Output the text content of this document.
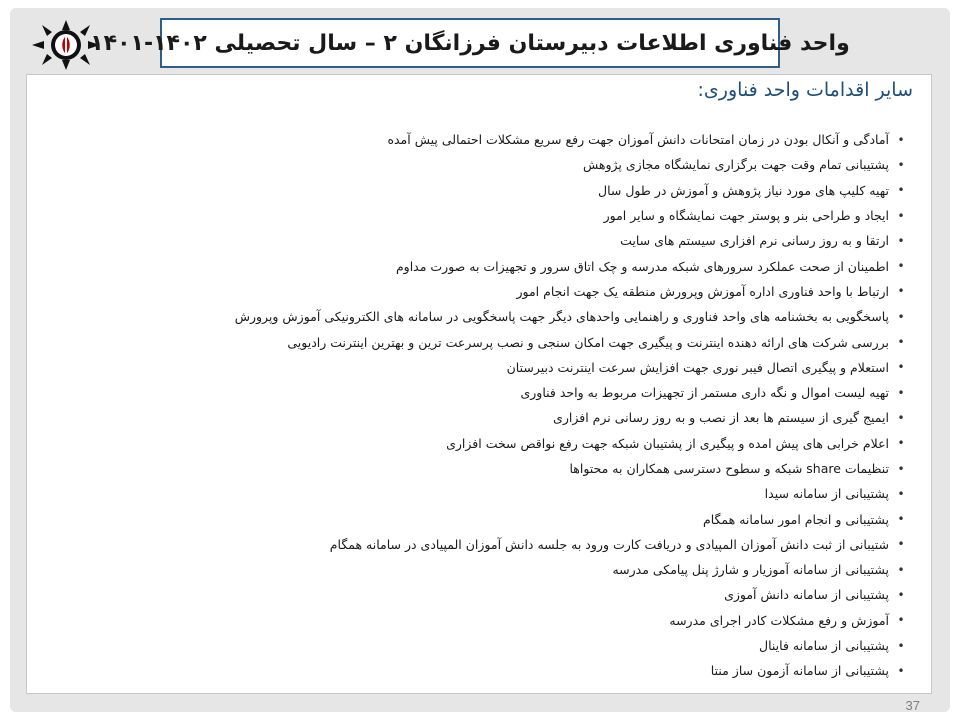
واحد فناوری اطلاعات دبیرستان فرزانگان ۲ – سال تحصیلی ۱۴۰۲-۱۴۰۱
سایر اقدامات واحد فناوری:
•
آمادگی و آنکال بودن در زمان امتحانات دانش آموزان جهت رفع سریع مشکلات احتمالی پیش آمده
•
پشتیبانی تمام وقت جهت برگزاری نمایشگاه مجازی پژوهش
•
تهیه کلیپ های مورد نیاز پژوهش و آموزش در طول سال
•
ایجاد و طراحی بنر و پوستر جهت نمایشگاه و سایر امور
•
ارتقا و به روز رسانی نرم افزاری سیستم های سایت
•
اطمینان از صحت عملکرد سرورهای شبکه مدرسه و چک اتاق سرور و تجهیزات به صورت مداوم
•
ارتباط با واحد فناوری اداره آموزش وپرورش منطقه یک جهت انجام امور
•
پاسخگویی به بخشنامه های واحد فناوری و راهنمایی واحدهای دیگر جهت پاسخگویی در سامانه های الکترونیکی آموزش وپرورش
•
بررسی شرکت های ارائه دهنده اینترنت و پیگیری جهت امکان سنجی و نصب پرسرعت ترین و بهترین اینترنت رادیویی
•
استعلام و پیگیری اتصال فیبر نوری جهت افزایش سرعت اینترنت دبیرستان
•
تهیه لیست اموال و نگه داری مستمر از تجهیزات مربوط به واحد فناوری
•
ایمیج گیری از سیستم ها بعد از نصب و به روز رسانی نرم افزاری
•
اعلام خرابی های پیش امده و پیگیری از پشتیبان شبکه جهت رفع نواقص سخت افزاری
•
تنظیمات share شبکه و سطوح دسترسی همکاران به محتواها
•
پشتیبانی از سامانه سیدا
•
پشتیبانی و انجام امور سامانه همگام
•
شتیبانی از ثبت دانش آموزان المپیادی و دریافت کارت ورود به جلسه دانش آموزان المپیادی در سامانه همگام
•
پشتیبانی از سامانه آموزیار و شارژ پنل پیامکی مدرسه
•
پشتیبانی از سامانه دانش آموزی
•
آموزش و رفع مشکلات کادر اجرای مدرسه
•
پشتیبانی از سامانه فاینال
•
پشتیبانی از سامانه آزمون ساز منتا
37
